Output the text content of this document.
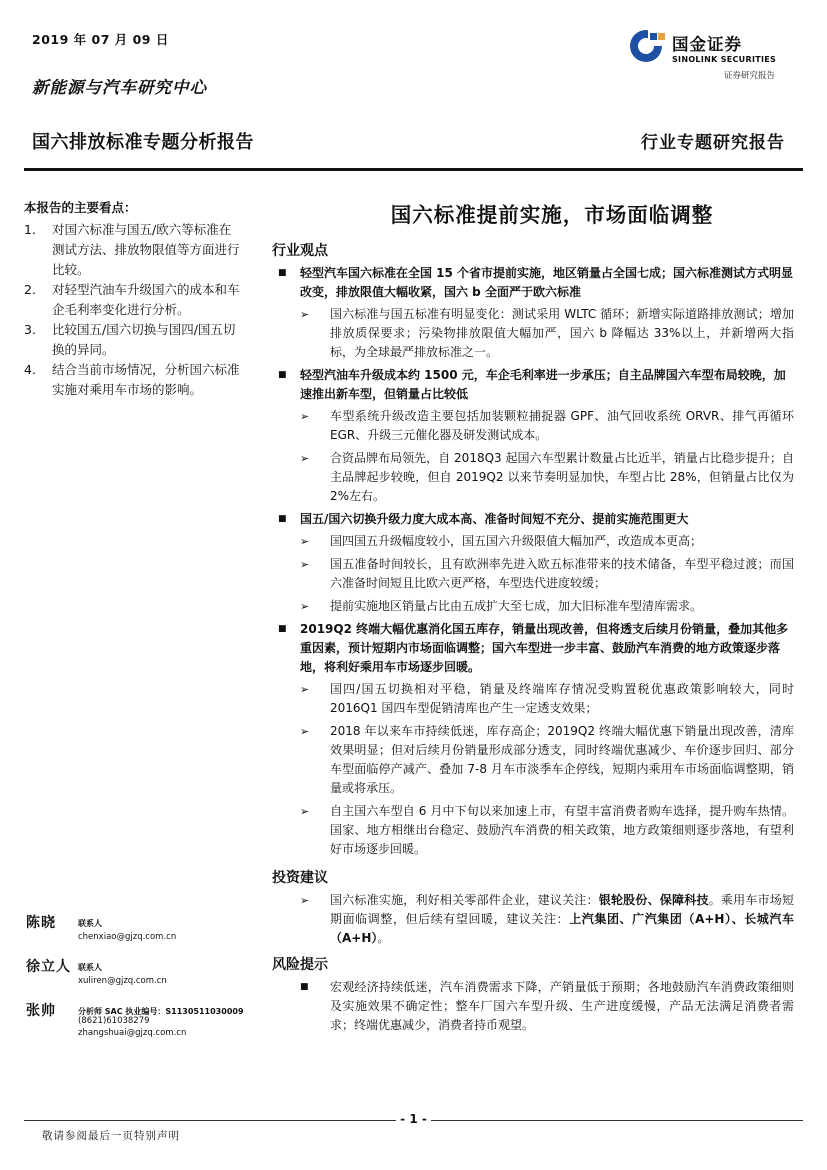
2019 年 07 月 09 日
新能源与汽车研究中心
国六排放标准专题分析报告	行业专题研究报告
国金证券
SINOLINK SECURITIES
证券研究报告
本报告的主要看点：
1.	对国六标准与国五/欧六等标准在测试方法、排放物限值等方面进行比较。
2.	对轻型汽油车升级国六的成本和车企毛利率变化进行分析。
3.	比较国五/国六切换与国四/国五切换的异同。
4.	结合当前市场情况，分析国六标准实施对乘用车市场的影响。
陈晓	联系人
chenxiao@gjzq.com.cn
徐立人 联系人
xuliren@gjzq.com.cn
张帅	分析师 SAC 执业编号：S1130511030009
(8621)61038279
zhangshuai@gjzq.com.cn
国六标准提前实施，市场面临调整
行业观点
■	轻型汽车国六标准在全国 15 个省市提前实施，地区销量占全国七成；国六标准测试方式明显改变，排放限值大幅收紧，国六 b 全面严于欧六标准
➢	国六标准与国五标准有明显变化：测试采用 WLTC 循环；新增实际道路排放测试；增加排放质保要求；污染物排放限值大幅加严，国六 b 降幅达 33%以上，并新增两大指标，为全球最严排放标准之一。
■	轻型汽油车升级成本约 1500 元，车企毛利率进一步承压；自主品牌国六车型布局较晚，加速推出新车型，但销量占比较低
➢	车型系统升级改造主要包括加装颗粒捕捉器 GPF、油气回收系统 ORVR、排气再循环 EGR、升级三元催化器及研发测试成本。
➢	合资品牌布局领先，自 2018Q3 起国六车型累计数量占比近半，销量占比稳步提升；自主品牌起步较晚，但自 2019Q2 以来节奏明显加快，车型占比 28%，但销量占比仅为 2%左右。
■	国五/国六切换升级力度大成本高、准备时间短不充分、提前实施范围更大
➢	国四国五升级幅度较小，国五国六升级限值大幅加严，改造成本更高；
➢	国五准备时间较长，且有欧洲率先进入欧五标准带来的技术储备，车型平稳过渡；而国六准备时间短且比欧六更严格，车型迭代进度较缓；
➢	提前实施地区销量占比由五成扩大至七成，加大旧标准车型清库需求。
■	2019Q2 终端大幅优惠消化国五库存，销量出现改善，但将透支后续月份销量，叠加其他多重因素，预计短期内市场面临调整；国六车型进一步丰富、鼓励汽车消费的地方政策逐步落地，将利好乘用车市场逐步回暖。
➢	国四/国五切换相对平稳，销量及终端库存情况受购置税优惠政策影响较大，同时 2016Q1 国四车型促销清库也产生一定透支效果；
➢	2018 年以来车市持续低迷，库存高企；2019Q2 终端大幅优惠下销量出现改善，清库效果明显；但对后续月份销量形成部分透支，同时终端优惠减少、车价逐步回归、部分车型面临停产减产、叠加 7-8 月车市淡季车企停线，短期内乘用车市场面临调整期，销量或将承压。
➢	自主国六车型自 6 月中下旬以来加速上市，有望丰富消费者购车选择，提升购车热情。国家、地方相继出台稳定、鼓励汽车消费的相关政策，地方政策细则逐步落地，有望利好市场逐步回暖。
投资建议
➢	国六标准实施，利好相关零部件企业，建议关注：银轮股份、保障科技。乘用车市场短期面临调整，但后续有望回暖，建议关注：上汽集团、广汽集团（A+H）、长城汽车（A+H）。
风险提示
■	宏观经济持续低迷，汽车消费需求下降，产销量低于预期；各地鼓励汽车消费政策细则及实施效果不确定性；整车厂国六车型升级、生产进度缓慢，产品无法满足消费者需求；终端优惠减少，消费者持币观望。
- 1 -
敬请参阅最后一页特别声明
